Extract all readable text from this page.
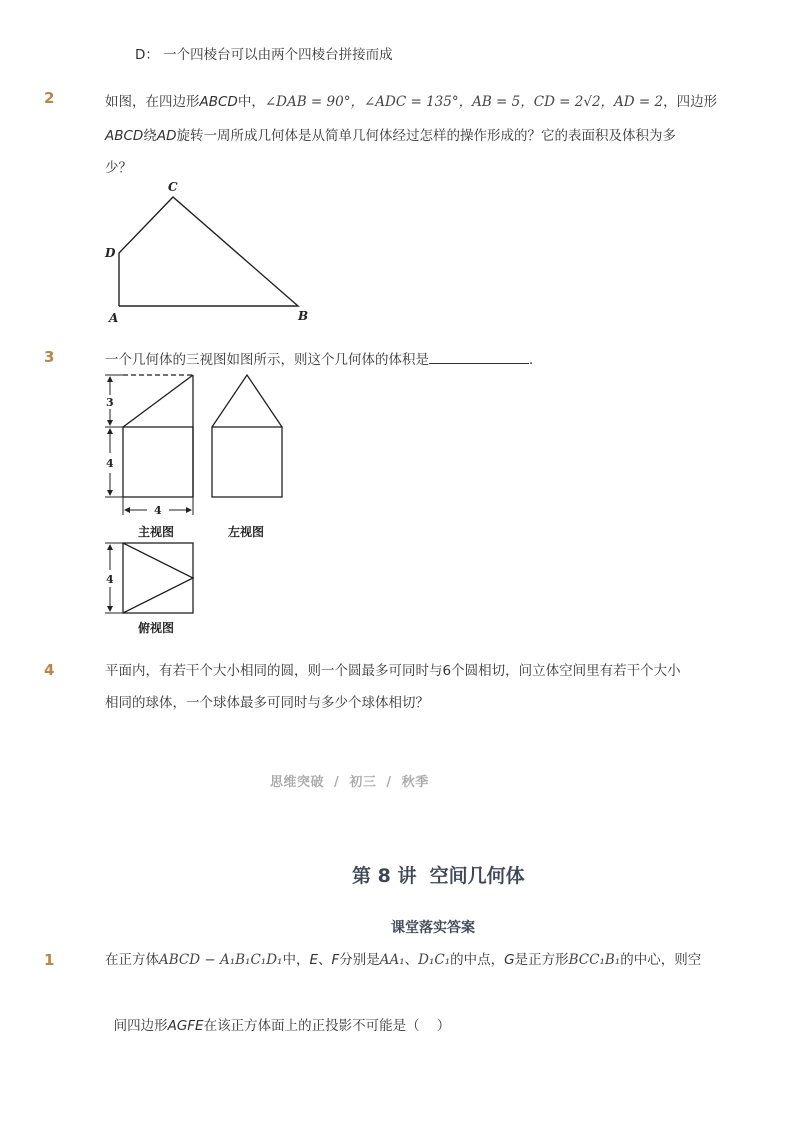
D： 一个四棱台可以由两个四棱台拼接而成
2	如图，在四边形ABCD中，∠DAB = 90°，∠ADC = 135°，AB = 5，CD = 2√2，AD = 2，四边形
ABCD绕AD旋转一周所成几何体是从简单几何体经过怎样的操作形成的？它的表面积及体积为多
少？
C
D
A	B
3	一个几何体的三视图如图所示，则这个几何体的体积是	．
3
4
4
主视图	左视图
4
俯视图
4	平面内，有若干个大小相同的圆，则一个圆最多可同时与6个圆相切，问立体空间里有若干个大小
相同的球体，一个球体最多可同时与多少个球体相切？
思维突破  /  初三  /  秋季
第 8 讲  空间几何体
课堂落实答案
1	在正方体ABCD − A₁B₁C₁D₁中，E、F分别是AA₁、D₁C₁的中点，G是正方形BCC₁B₁的中心，则空

间四边形AGFE在该正方体面上的正投影不可能是（    ）
